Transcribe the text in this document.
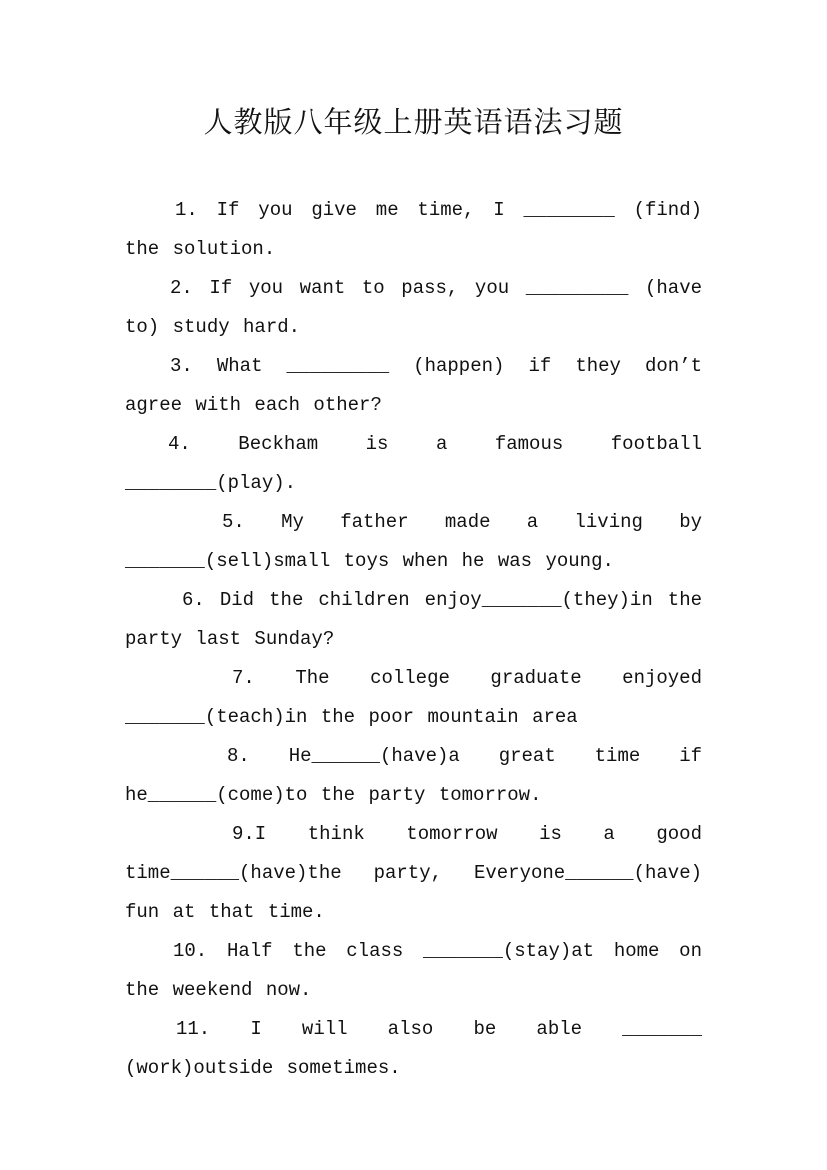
人教版八年级上册英语语法习题

1. If you give me time, I ________ (find) the solution.

2. If you want to pass, you _________ (have to) study hard.

3. What _________ (happen) if they don’t agree with each other?

4. Beckham is a famous football ________(play).

5. My father made a living by _______(sell)small toys when he was young.

6. Did the children enjoy_______(they)in the party last Sunday?

7. The college graduate enjoyed _______(teach)in the poor mountain area

8. He______(have)a great time if he______(come)to the party tomorrow.

9.I think tomorrow is a good time______(have)the party, Everyone______(have) fun at that time.

10. Half the class _______(stay)at home on the weekend now.

11. I will also be able _______ (work)outside sometimes.
